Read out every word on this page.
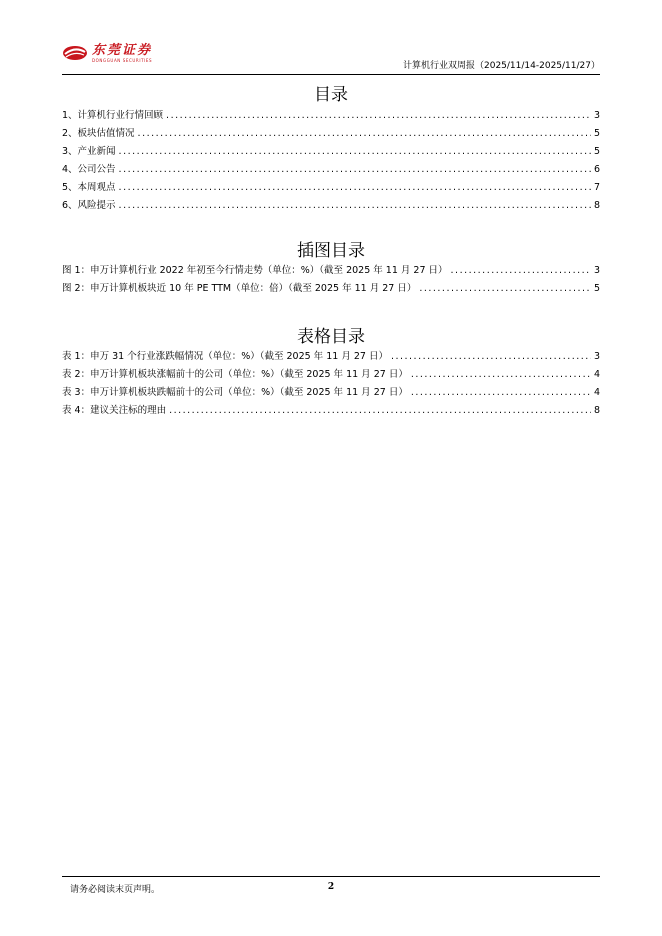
东莞证券
DONGGUAN SECURITIES
计算机行业双周报（2025/11/14-2025/11/27）
目录
1、计算机行业行情回顾 .....	3
2、板块估值情况 .....	5
3、产业新闻 .....	5
4、公司公告 .....	6
5、本周观点 .....	7
6、风险提示 .....	8
插图目录
图 1：申万计算机行业 2022 年初至今行情走势（单位：%）（截至 2025 年 11 月 27 日） .....	3
图 2：申万计算机板块近 10 年 PE TTM（单位：倍）（截至 2025 年 11 月 27 日） .....	5
表格目录
表 1：申万 31 个行业涨跌幅情况（单位：%）（截至 2025 年 11 月 27 日） .....	3
表 2：申万计算机板块涨幅前十的公司（单位：%）（截至 2025 年 11 月 27 日） .....	4
表 3：申万计算机板块跌幅前十的公司（单位：%）（截至 2025 年 11 月 27 日） .....	4
表 4：建议关注标的理由 .....	8
请务必阅读末页声明。	2
